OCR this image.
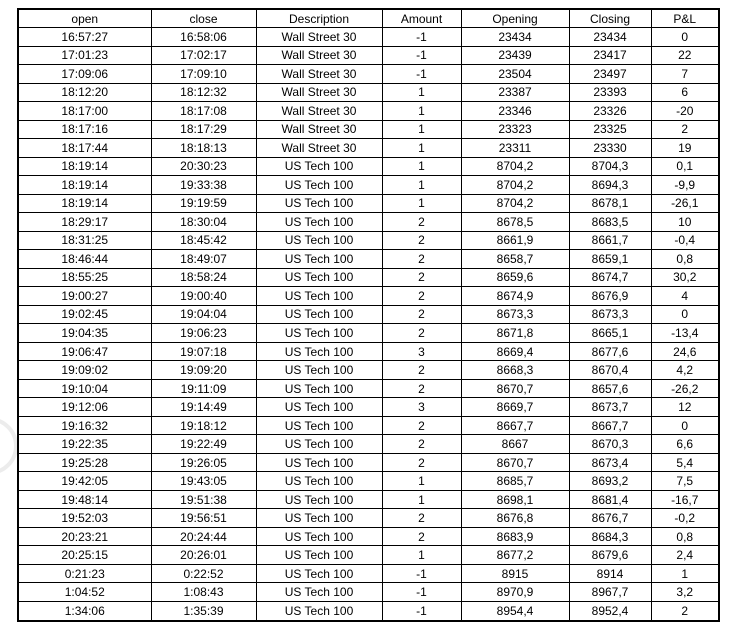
open	close	Description	Amount	Opening	Closing	P&L
16:57:27	16:58:06	Wall Street 30	-1	23434	23434	0
17:01:23	17:02:17	Wall Street 30	-1	23439	23417	22
17:09:06	17:09:10	Wall Street 30	-1	23504	23497	7
18:12:20	18:12:32	Wall Street 30	1	23387	23393	6
18:17:00	18:17:08	Wall Street 30	1	23346	23326	-20
18:17:16	18:17:29	Wall Street 30	1	23323	23325	2
18:17:44	18:18:13	Wall Street 30	1	23311	23330	19
18:19:14	20:30:23	US Tech 100	1	8704,2	8704,3	0,1
18:19:14	19:33:38	US Tech 100	1	8704,2	8694,3	-9,9
18:19:14	19:19:59	US Tech 100	1	8704,2	8678,1	-26,1
18:29:17	18:30:04	US Tech 100	2	8678,5	8683,5	10
18:31:25	18:45:42	US Tech 100	2	8661,9	8661,7	-0,4
18:46:44	18:49:07	US Tech 100	2	8658,7	8659,1	0,8
18:55:25	18:58:24	US Tech 100	2	8659,6	8674,7	30,2
19:00:27	19:00:40	US Tech 100	2	8674,9	8676,9	4
19:02:45	19:04:04	US Tech 100	2	8673,3	8673,3	0
19:04:35	19:06:23	US Tech 100	2	8671,8	8665,1	-13,4
19:06:47	19:07:18	US Tech 100	3	8669,4	8677,6	24,6
19:09:02	19:09:20	US Tech 100	2	8668,3	8670,4	4,2
19:10:04	19:11:09	US Tech 100	2	8670,7	8657,6	-26,2
19:12:06	19:14:49	US Tech 100	3	8669,7	8673,7	12
19:16:32	19:18:12	US Tech 100	2	8667,7	8667,7	0
19:22:35	19:22:49	US Tech 100	2	8667	8670,3	6,6
19:25:28	19:26:05	US Tech 100	2	8670,7	8673,4	5,4
19:42:05	19:43:05	US Tech 100	1	8685,7	8693,2	7,5
19:48:14	19:51:38	US Tech 100	1	8698,1	8681,4	-16,7
19:52:03	19:56:51	US Tech 100	2	8676,8	8676,7	-0,2
20:23:21	20:24:44	US Tech 100	2	8683,9	8684,3	0,8
20:25:15	20:26:01	US Tech 100	1	8677,2	8679,6	2,4
0:21:23	0:22:52	US Tech 100	-1	8915	8914	1
1:04:52	1:08:43	US Tech 100	-1	8970,9	8967,7	3,2
1:34:06	1:35:39	US Tech 100	-1	8954,4	8952,4	2
